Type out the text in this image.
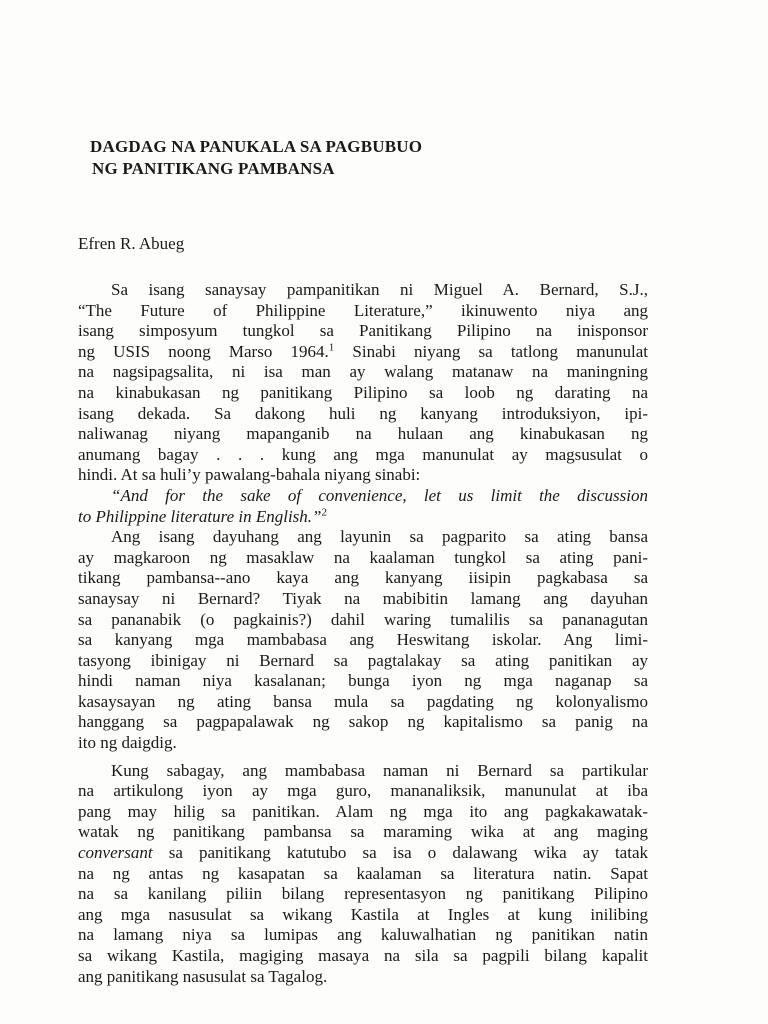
DAGDAG NA PANUKALA SA PAGBUBUO
NG PANITIKANG PAMBANSA
Efren R. Abueg
Sa isang sanaysay pampanitikan ni Miguel A. Bernard, S.J.,
“The Future of Philippine Literature,” ikinuwento niya ang
isang simposyum tungkol sa Panitikang Pilipino na inisponsor
ng USIS noong Marso 1964.$^1$ Sinabi niyang sa tatlong manunulat
na nagsipagsalita, ni isa man ay walang matanaw na maningning
na kinabukasan ng panitikang Pilipino sa loob ng darating na
isang dekada. Sa dakong huli ng kanyang introduksiyon, ipi-
naliwanag niyang mapanganib na hulaan ang kinabukasan ng
anumang bagay . . . kung ang mga manunulat ay magsusulat o
hindi. At sa huli’y pawalang-bahala niyang sinabi:
“And for the sake of convenience, let us limit the discussion
to Philippine literature in English.”$^2$
Ang isang dayuhang ang layunin sa pagparito sa ating bansa
ay magkaroon ng masaklaw na kaalaman tungkol sa ating pani-
tikang pambansa--ano kaya ang kanyang iisipin pagkabasa sa
sanaysay ni Bernard? Tiyak na mabibitin lamang ang dayuhan
sa pananabik (o pagkainis?) dahil waring tumalilis sa pananagutan
sa kanyang mga mambabasa ang Heswitang iskolar. Ang limi-
tasyong ibinigay ni Bernard sa pagtalakay sa ating panitikan ay
hindi naman niya kasalanan; bunga iyon ng mga naganap sa
kasaysayan ng ating bansa mula sa pagdating ng kolonyalismo
hanggang sa pagpapalawak ng sakop ng kapitalismo sa panig na
ito ng daigdig.
Kung sabagay, ang mambabasa naman ni Bernard sa partikular
na artikulong iyon ay mga guro, mananaliksik, manunulat at iba
pang may hilig sa panitikan. Alam ng mga ito ang pagkakawatak-
watak ng panitikang pambansa sa maraming wika at ang maging
conversant sa panitikang katutubo sa isa o dalawang wika ay tatak
na ng antas ng kasapatan sa kaalaman sa literatura natin. Sapat
na sa kanilang piliin bilang representasyon ng panitikang Pilipino
ang mga nasusulat sa wikang Kastila at Ingles at kung inilibing
na lamang niya sa lumipas ang kaluwalhatian ng panitikan natin
sa wikang Kastila, magiging masaya na sila sa pagpili bilang kapalit
ang panitikang nasusulat sa Tagalog.
